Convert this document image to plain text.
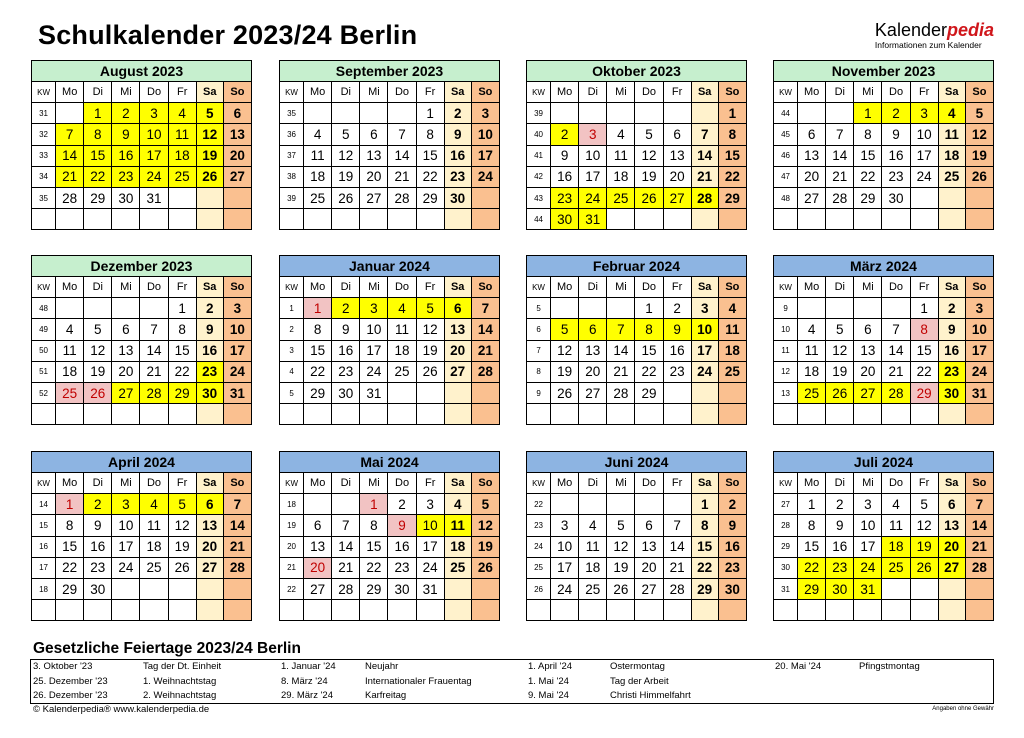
Schulkalender 2023/24 Berlin	Kalenderpedia
Informationen zum Kalender
August 2023							
KW	Mo	Di	Mi	Do	Fr	Sa	So
31		1	2	3	4	5	6
32	7	8	9	10	11	12	13
33	14	15	16	17	18	19	20
34	21	22	23	24	25	26	27
35	28	29	30	31			

September 2023							
KW	Mo	Di	Mi	Do	Fr	Sa	So
35					1	2	3
36	4	5	6	7	8	9	10
37	11	12	13	14	15	16	17
38	18	19	20	21	22	23	24
39	25	26	27	28	29	30	

Oktober 2023							
KW	Mo	Di	Mi	Do	Fr	Sa	So
39							1
40	2	3	4	5	6	7	8
41	9	10	11	12	13	14	15
42	16	17	18	19	20	21	22
43	23	24	25	26	27	28	29
44	30	31					
November 2023							
KW	Mo	Di	Mi	Do	Fr	Sa	So
44			1	2	3	4	5
45	6	7	8	9	10	11	12
46	13	14	15	16	17	18	19
47	20	21	22	23	24	25	26
48	27	28	29	30			

Dezember 2023							
KW	Mo	Di	Mi	Do	Fr	Sa	So
48					1	2	3
49	4	5	6	7	8	9	10
50	11	12	13	14	15	16	17
51	18	19	20	21	22	23	24
52	25	26	27	28	29	30	31

Januar 2024							
KW	Mo	Di	Mi	Do	Fr	Sa	So
1	1	2	3	4	5	6	7
2	8	9	10	11	12	13	14
3	15	16	17	18	19	20	21
4	22	23	24	25	26	27	28
5	29	30	31				

Februar 2024							
KW	Mo	Di	Mi	Do	Fr	Sa	So
5				1	2	3	4
6	5	6	7	8	9	10	11
7	12	13	14	15	16	17	18
8	19	20	21	22	23	24	25
9	26	27	28	29			

März 2024							
KW	Mo	Di	Mi	Do	Fr	Sa	So
9					1	2	3
10	4	5	6	7	8	9	10
11	11	12	13	14	15	16	17
12	18	19	20	21	22	23	24
13	25	26	27	28	29	30	31

April 2024							
KW	Mo	Di	Mi	Do	Fr	Sa	So
14	1	2	3	4	5	6	7
15	8	9	10	11	12	13	14
16	15	16	17	18	19	20	21
17	22	23	24	25	26	27	28
18	29	30					

Mai 2024							
KW	Mo	Di	Mi	Do	Fr	Sa	So
18			1	2	3	4	5
19	6	7	8	9	10	11	12
20	13	14	15	16	17	18	19
21	20	21	22	23	24	25	26
22	27	28	29	30	31		

Juni 2024							
KW	Mo	Di	Mi	Do	Fr	Sa	So
22						1	2
23	3	4	5	6	7	8	9
24	10	11	12	13	14	15	16
25	17	18	19	20	21	22	23
26	24	25	26	27	28	29	30

Juli 2024							
KW	Mo	Di	Mi	Do	Fr	Sa	So
27	1	2	3	4	5	6	7
28	8	9	10	11	12	13	14
29	15	16	17	18	19	20	21
30	22	23	24	25	26	27	28
31	29	30	31				

Gesetzliche Feiertage 2023/24 Berlin
3. Oktober '23	Tag der Dt. Einheit
25. Dezember '23	1. Weihnachtstag
26. Dezember '23	2. Weihnachtstag
1. Januar '24	Neujahr
8. März '24	Internationaler Frauentag
29. März '24	Karfreitag
1. April '24	Ostermontag
1. Mai '24	Tag der Arbeit
9. Mai '24	Christi Himmelfahrt
20. Mai '24	Pfingstmontag
© Kalenderpedia® www.kalenderpedia.de	Angaben ohne Gewähr
